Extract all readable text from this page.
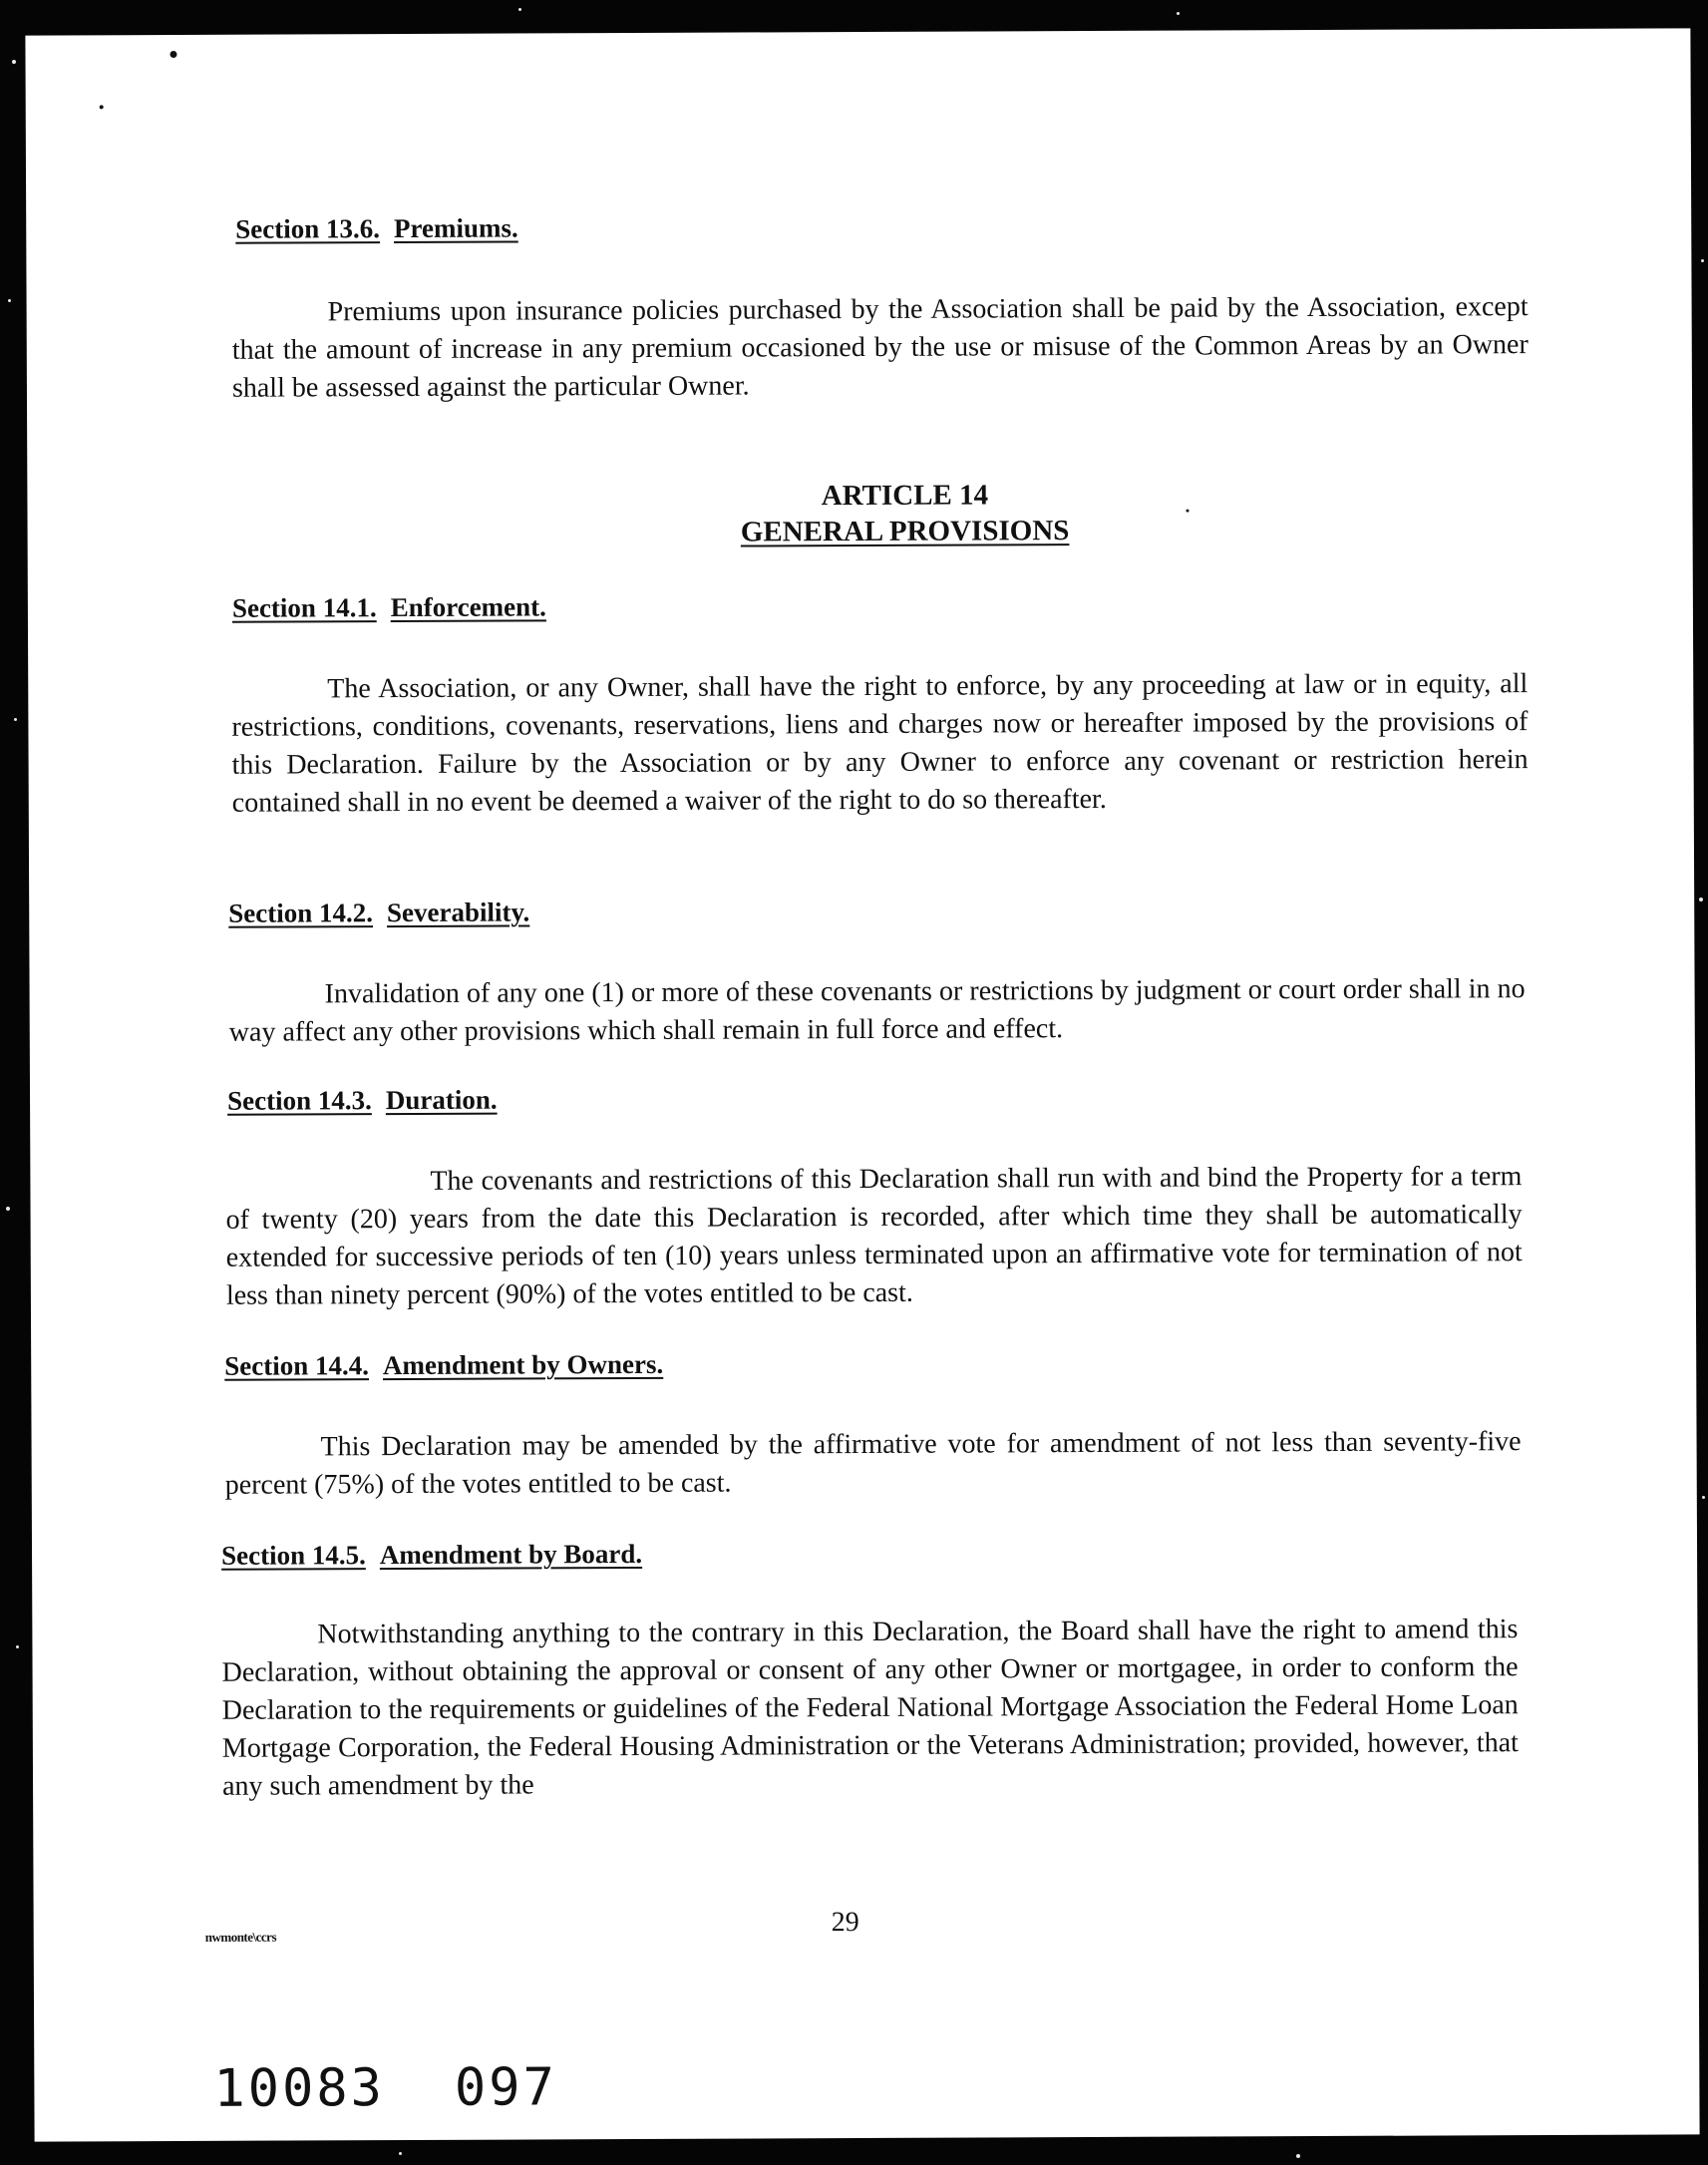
Section 13.6. Premiums.
Premiums upon insurance policies purchased by the Association shall be paid by the Association, except that the amount of increase in any premium occasioned by the use or misuse of the Common Areas by an Owner shall be assessed against the particular Owner.
ARTICLE 14
GENERAL PROVISIONS
Section 14.1. Enforcement.
The Association, or any Owner, shall have the right to enforce, by any proceeding at law or in equity, all restrictions, conditions, covenants, reservations, liens and charges now or hereafter imposed by the provisions of this Declaration. Failure by the Association or by any Owner to enforce any covenant or restriction herein contained shall in no event be deemed a waiver of the right to do so thereafter.
Section 14.2. Severability.
Invalidation of any one (1) or more of these covenants or restrictions by judgment or court order shall in no way affect any other provisions which shall remain in full force and effect.
Section 14.3. Duration.
The covenants and restrictions of this Declaration shall run with and bind the Property for a term of twenty (20) years from the date this Declaration is recorded, after which time they shall be automatically extended for successive periods of ten (10) years unless terminated upon an affirmative vote for termination of not less than ninety percent (90%) of the votes entitled to be cast.
Section 14.4. Amendment by Owners.
This Declaration may be amended by the affirmative vote for amendment of not less than seventy-five percent (75%) of the votes entitled to be cast.
Section 14.5. Amendment by Board.
Notwithstanding anything to the contrary in this Declaration, the Board shall have the right to amend this Declaration, without obtaining the approval or consent of any other Owner or mortgagee, in order to conform the Declaration to the requirements or guidelines of the Federal National Mortgage Association the Federal Home Loan Mortgage Corporation, the Federal Housing Administration or the Veterans Administration; provided, however, that any such amendment by the
nwmonte\ccrs	29
10083 097
